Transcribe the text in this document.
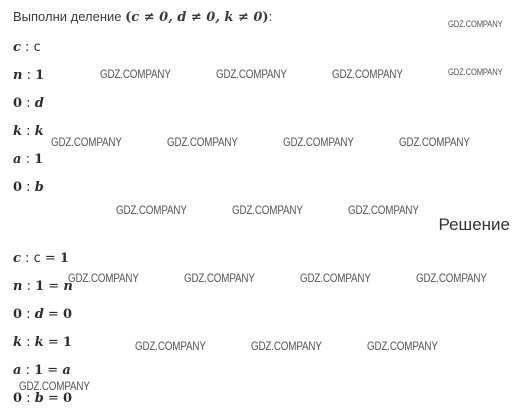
Выполни деление (c ≠ 0, d ≠ 0, k ≠ 0):
c : c
n : 1
0 : d
k : k
a : 1
0 : b
Решение
c : c = 1
n : 1 = n
0 : d = 0
k : k = 1
a : 1 = a
0 : b = 0
GDZ.COMPANY
GDZ.COMPANY
GDZ.COMPANY	GDZ.COMPANY	GDZ.COMPANY
GDZ.COMPANY	GDZ.COMPANY	GDZ.COMPANY	GDZ.COMPANY
GDZ.COMPANY	GDZ.COMPANY	GDZ.COMPANY
GDZ.COMPANY	GDZ.COMPANY	GDZ.COMPANY	GDZ.COMPANY
GDZ.COMPANY	GDZ.COMPANY	GDZ.COMPANY
GDZ.COMPANY
